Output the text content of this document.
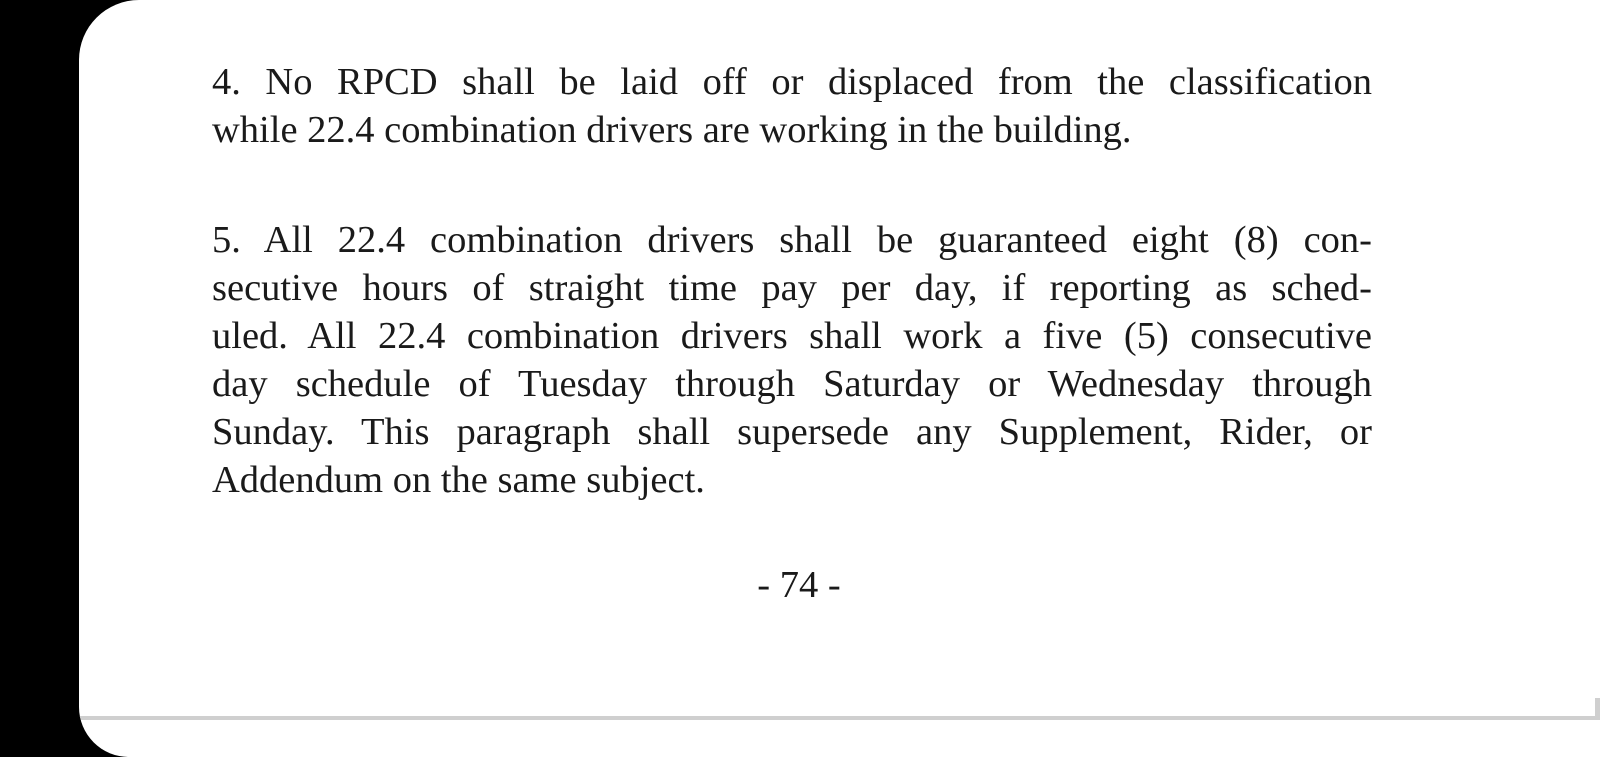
4. No RPCD shall be laid off or displaced from the classification
while 22.4 combination drivers are working in the building.
5. All 22.4 combination drivers shall be guaranteed eight (8) con-
secutive hours of straight time pay per day, if reporting as sched-
uled. All 22.4 combination drivers shall work a five (5) consecutive
day schedule of Tuesday through Saturday or Wednesday through
Sunday. This paragraph shall supersede any Supplement, Rider, or
Addendum on the same subject.
- 74 -
